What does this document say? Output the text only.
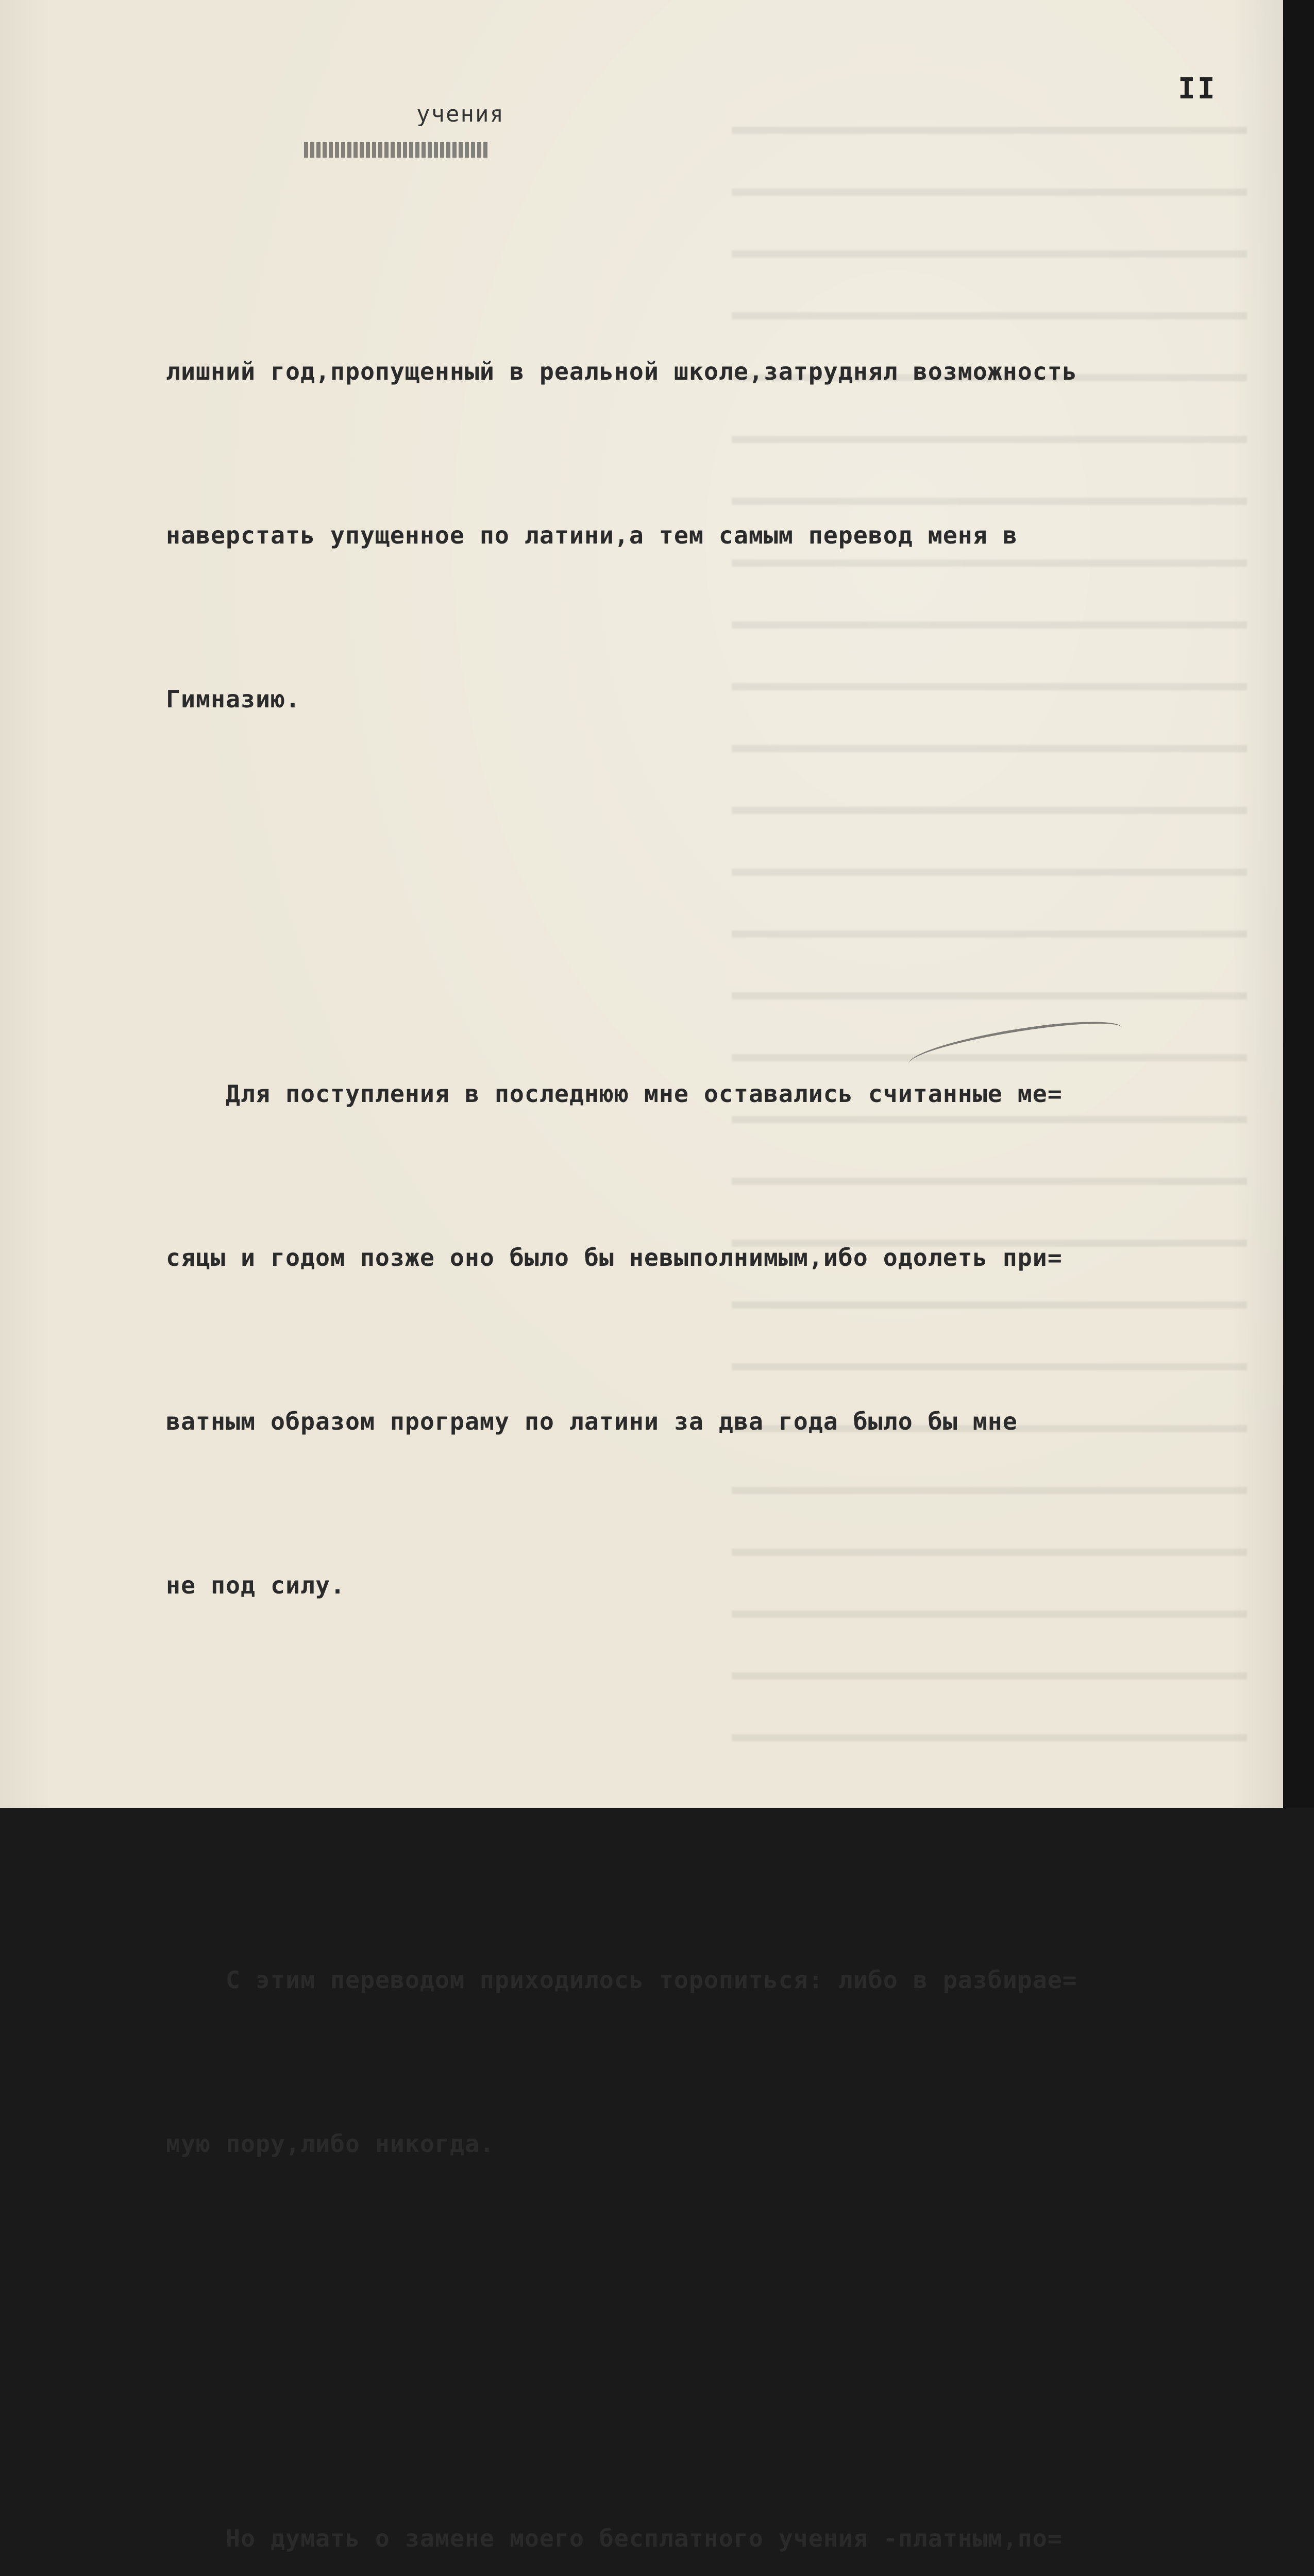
II
учения

лишний год,пропущенный в реальной школе,затруднял возможность

наверстать упущенное по латини,а тем самым перевод меня в

Гимназию.

Для поступления в последнюю мне оставались считанные ме=

сяцы и годом позже оно было бы невыполнимым,ибо одолеть при=

ватным образом програму по латини за два года было бы мне

не под силу.

С этим переводом приходилось торопиться: либо в разбирае=

мую пору,либо никогда.

Но думать о замене моего бесплатного учения -платным,по=
